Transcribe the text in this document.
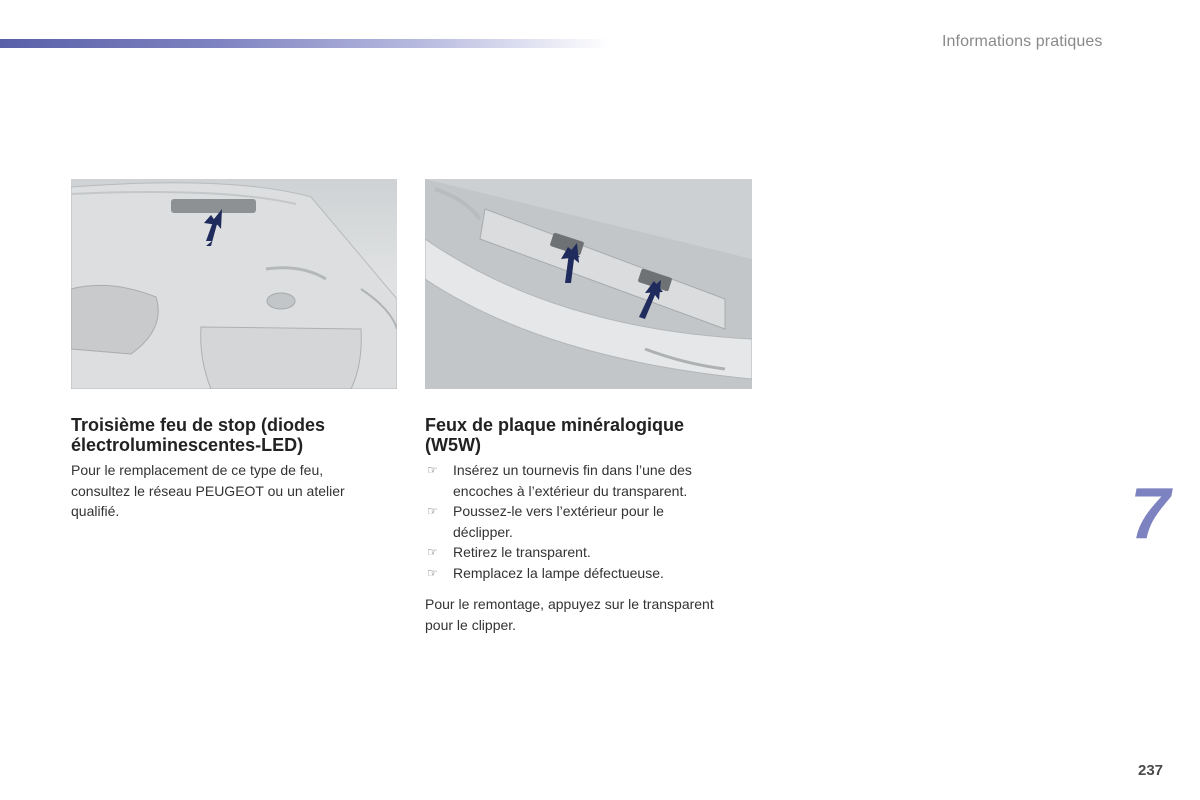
Informations pratiques
Troisième feu de stop (diodes
électroluminescentes-LED)

Pour le remplacement de ce type de feu,
consultez le réseau PEUGEOT ou un atelier
qualifié.

Feux de plaque minéralogique
(W5W)
☞ Insérez un tournevis fin dans l’une des
encoches à l’extérieur du transparent.
☞ Poussez-le vers l’extérieur pour le
déclipper.
☞ Retirez le transparent.
☞ Remplacez la lampe défectueuse.

Pour le remontage, appuyez sur le transparent
pour le clipper.

7
237
